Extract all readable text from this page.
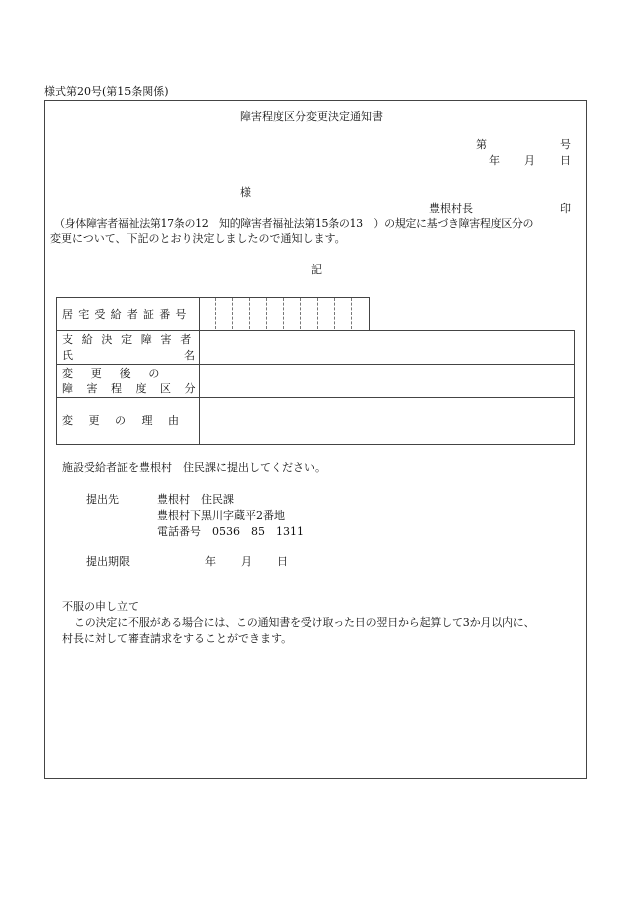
様式第20号(第15条関係)
障害程度区分変更決定通知書
第	号
年 月 日
様
豊根村長	印
（身体障害者福祉法第17条の12　知的障害者福祉法第15条の13　）の規定に基づき障害程度区分の
変更について、下記のとおり決定しましたので通知します。
記
居宅受給者証番号
支給決定障害者
氏	名
変　更　後　の
障害程度区分
変更の理由
施設受給者証を豊根村　住民課に提出してください。
提出先	豊根村　住民課
豊根村下黒川字蔵平2番地
電話番号　0536　85　1311
提出期限	年 月 日
不服の申し立て
この決定に不服がある場合には、この通知書を受け取った日の翌日から起算して3か月以内に、
村長に対して審査請求をすることができます。
